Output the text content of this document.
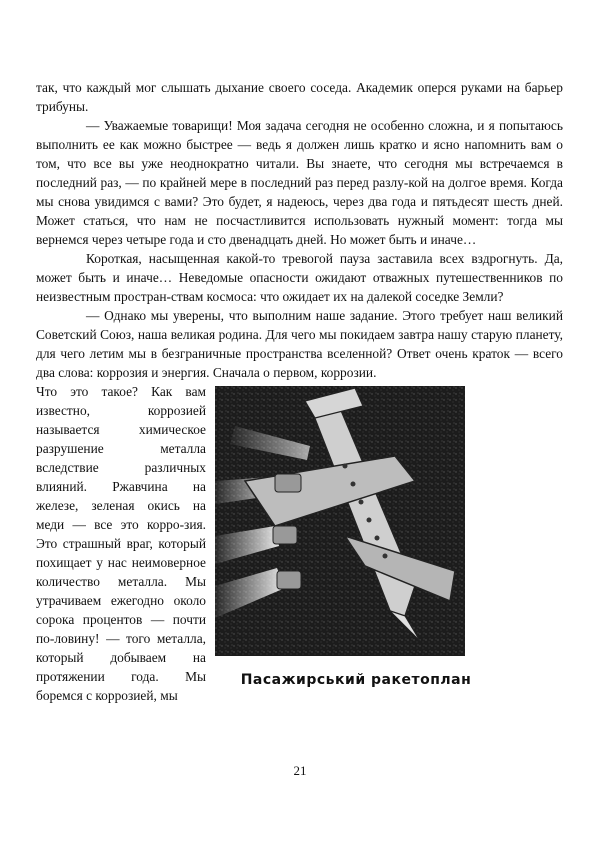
так, что каждый мог слышать дыхание своего соседа. Академик оперся руками на барьер трибуны.

— Уважаемые товарищи! Моя задача сегодня не особенно сложна, и я попытаюсь выполнить ее как можно быстрее — ведь я должен лишь кратко и ясно напомнить вам о том, что все вы уже неоднократно читали. Вы знаете, что сегодня мы встречаемся в последний раз, — по крайней мере в последний раз перед разлу-кой на долгое время. Когда мы снова увидимся с вами? Это будет, я надеюсь, через два года и пятьдесят шесть дней. Может статься, что нам не посчастливится использовать нужный момент: тогда мы вернемся через четыре года и сто двенадцать дней. Но может быть и иначе…

Короткая, насыщенная какой-то тревогой пауза заставила всех вздрогнуть. Да, может быть и иначе… Неведомые опасности ожидают отважных путешественников по неизвестным простран-ствам космоса: что ожидает их на далекой соседке Земли?

— Однако мы уверены, что выполним наше задание. Этого требует наш великий Советский Союз, наша великая родина. Для чего мы покидаем завтра нашу старую планету, для чего летим мы в безграничные пространства вселенной? Ответ очень краток — всего два слова: коррозия и энергия. Сначала о первом, коррозии.

Что это такое? Как вам известно, коррозией называется химическое разрушение металла вследствие различных влияний. Ржавчина на железе, зеленая окись на меди — все это корро-зия. Это страшный враг, который похищает у нас неимоверное количество металла. Мы утрачиваем ежегодно около сорока процентов — почти по-ловину! — того металла, который добываем на протяжении года. Мы боремся с коррозией, мы

Пасажирський ракетоплан
21
